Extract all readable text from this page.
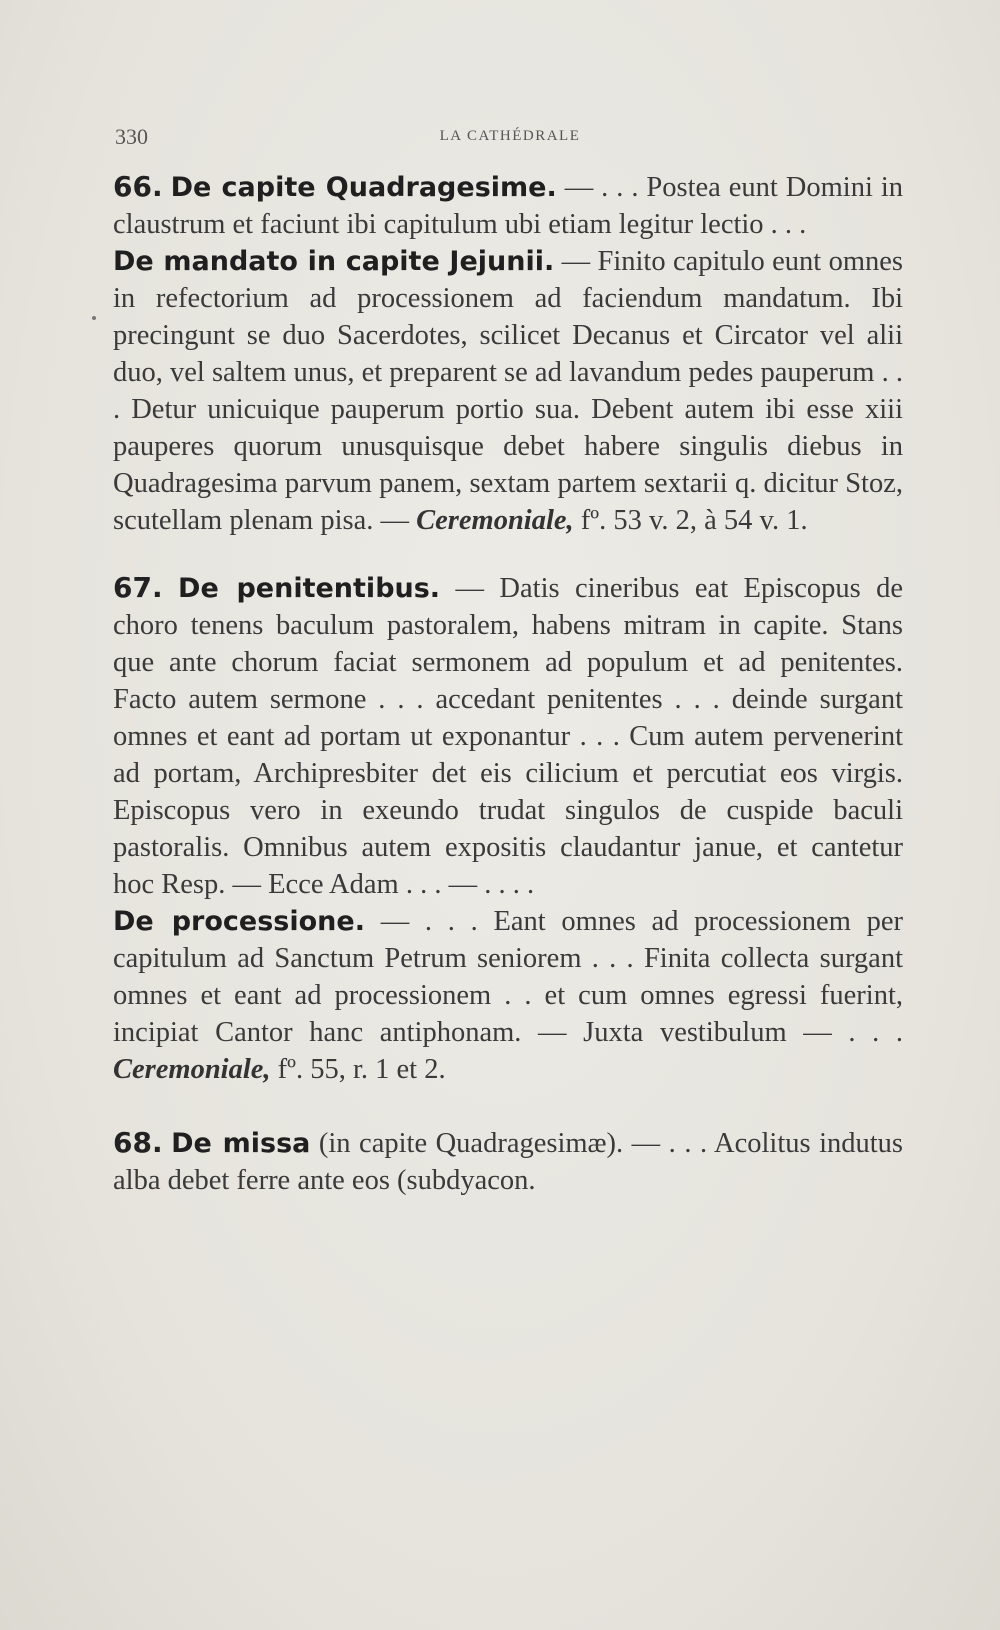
330	LA CATHÉDRALE

66. De capite Quadragesime. — . . . Postea eunt Domini in claustrum et faciunt ibi capitulum ubi etiam legitur lectio . . .

De mandato in capite Jejunii. — Finito capitulo eunt omnes in refectorium ad processionem ad faciendum mandatum. Ibi precingunt se duo Sacerdotes, scilicet Decanus et Circator vel alii duo, vel saltem unus, et preparent se ad lavandum pedes pauperum . . . Detur unicuique pauperum portio sua. Debent autem ibi esse xiii pauperes quorum unusquisque debet habere singulis diebus in Quadragesima parvum panem, sextam partem sextarii q. dicitur Stoz, scutellam plenam pisa. — Ceremoniale, fº. 53 v. 2, à 54 v. 1.

67. De penitentibus. — Datis cineribus eat Episcopus de choro tenens baculum pastoralem, habens mitram in capite. Stans que ante chorum faciat sermonem ad populum et ad penitentes. Facto autem sermone . . . accedant penitentes . . . deinde surgant omnes et eant ad portam ut exponantur . . . Cum autem pervenerint ad portam, Archipresbiter det eis cilicium et percutiat eos virgis. Episcopus vero in exeundo trudat singulos de cuspide baculi pastoralis. Omnibus autem expositis claudantur janue, et cantetur hoc Resp. — Ecce Adam . . . — . . . .

De processione. — . . . Eant omnes ad processionem per capitulum ad Sanctum Petrum seniorem . . . Finita collecta surgant omnes et eant ad processionem . . et cum omnes egressi fuerint, incipiat Cantor hanc antiphonam. — Juxta vestibulum — . . . Ceremoniale, fº. 55, r. 1 et 2.

68. De missa (in capite Quadragesimæ). — . . . Acolitus indutus alba debet ferre ante eos (subdyacon.
